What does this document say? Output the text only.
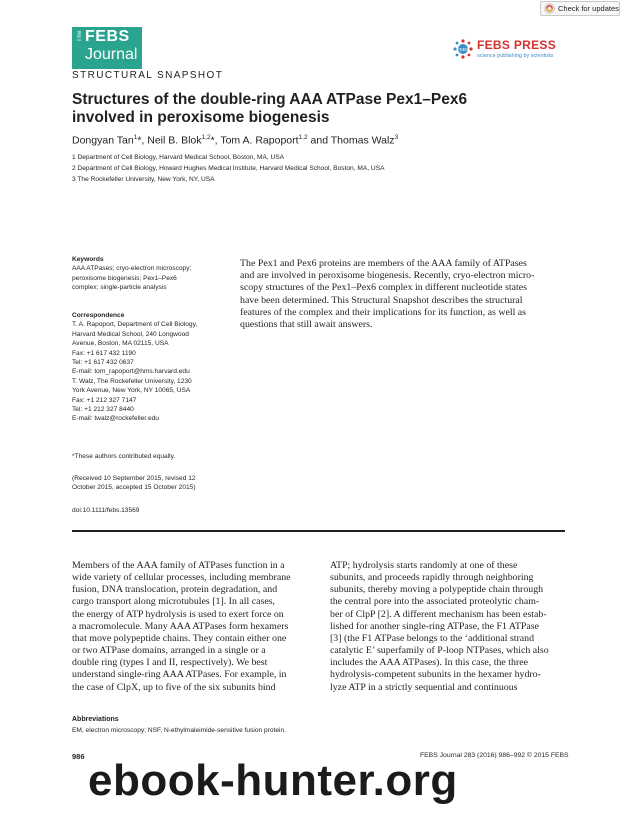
Check for updates
The FEBS
Journal	FEBS FEBS PRESS
science publishing by scientists
STRUCTURAL SNAPSHOT
Structures of the double-ring AAA ATPase Pex1–Pex6
involved in peroxisome biogenesis
Dongyan Tan$^1$*, Neil B. Blok$^{1,2}$*, Tom A. Rapoport$^{1,2}$ and Thomas Walz$^3$
1 Department of Cell Biology, Harvard Medical School, Boston, MA, USA
2 Department of Cell Biology, Howard Hughes Medical Institute, Harvard Medical School, Boston, MA, USA
3 The Rockefeller University, New York, NY, USA
Keywords
AAA ATPases; cryo-electron microscopy;
peroxisome biogenesis; Pex1–Pex6
complex; single-particle analysis
Correspondence
T. A. Rapoport, Department of Cell Biology,
Harvard Medical School, 240 Longwood
Avenue, Boston, MA 02115, USA
Fax: +1 617 432 1190
Tel: +1 617 432 0637
E-mail: tom_rapoport@hms.harvard.edu
T. Walz, The Rockefeller University, 1230
York Avenue, New York, NY 10065, USA
Fax: +1 212 327 7147
Tel: +1 212 327 8440
E-mail: twalz@rockefeller.edu
*These authors contributed equally.
(Received 10 September 2015, revised 12
October 2015, accepted 15 October 2015)
doi:10.1111/febs.13569
The Pex1 and Pex6 proteins are members of the AAA family of ATPases
and are involved in peroxisome biogenesis. Recently, cryo-electron micro-
scopy structures of the Pex1–Pex6 complex in different nucleotide states
have been determined. This Structural Snapshot describes the structural
features of the complex and their implications for its function, as well as
questions that still await answers.
Members of the AAA family of ATPases function in a
wide variety of cellular processes, including membrane
fusion, DNA translocation, protein degradation, and
cargo transport along microtubules [1]. In all cases,
the energy of ATP hydrolysis is used to exert force on
a macromolecule. Many AAA ATPases form hexamers
that move polypeptide chains. They contain either one
or two ATPase domains, arranged in a single or a
double ring (types I and II, respectively). We best
understand single-ring AAA ATPases. For example, in
the case of ClpX, up to five of the six subunits bind
ATP; hydrolysis starts randomly at one of these
subunits, and proceeds rapidly through neighboring
subunits, thereby moving a polypeptide chain through
the central pore into the associated proteolytic cham-
ber of ClpP [2]. A different mechanism has been estab-
lished for another single-ring ATPase, the F1 ATPase
[3] (the F1 ATPase belongs to the ‘additional strand
catalytic E’ superfamily of P-loop NTPases, which also
includes the AAA ATPases). In this case, the three
hydrolysis-competent subunits in the hexamer hydro-
lyze ATP in a strictly sequential and continuous
Abbreviations
EM, electron microscopy; NSF, N-ethylmaleimide-sensitive fusion protein.
986	FEBS Journal 283 (2016) 986–992 © 2015 FEBS
ebook-hunter.org
